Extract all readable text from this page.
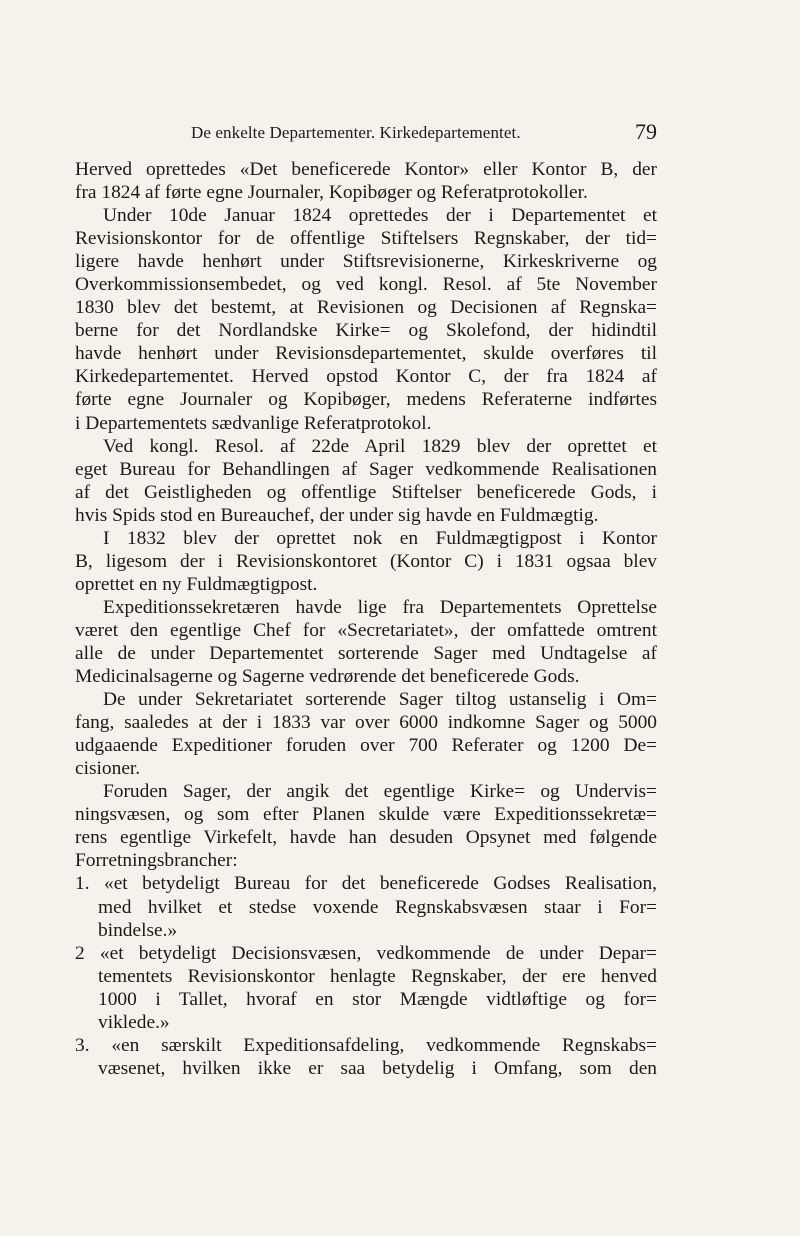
De enkelte Departementer. Kirkedepartementet.	79
Herved oprettedes «Det beneficerede Kontor» eller Kontor B, der
fra 1824 af førte egne Journaler, Kopibøger og Referatprotokoller.
Under 10de Januar 1824 oprettedes der i Departementet et
Revisionskontor for de offentlige Stiftelsers Regnskaber, der tid=
ligere havde henhørt under Stiftsrevisionerne, Kirkeskriverne og
Overkommissionsembedet, og ved kongl. Resol. af 5te November
1830 blev det bestemt, at Revisionen og Decisionen af Regnska=
berne for det Nordlandske Kirke= og Skolefond, der hidindtil
havde henhørt under Revisionsdepartementet, skulde overføres til
Kirkedepartementet. Herved opstod Kontor C, der fra 1824 af
førte egne Journaler og Kopibøger, medens Referaterne indførtes
i Departementets sædvanlige Referatprotokol.
Ved kongl. Resol. af 22de April 1829 blev der oprettet et
eget Bureau for Behandlingen af Sager vedkommende Realisationen
af det Geistligheden og offentlige Stiftelser beneficerede Gods, i
hvis Spids stod en Bureauchef, der under sig havde en Fuldmægtig.
I 1832 blev der oprettet nok en Fuldmægtigpost i Kontor
B, ligesom der i Revisionskontoret (Kontor C) i 1831 ogsaa blev
oprettet en ny Fuldmægtigpost.
Expeditionssekretæren havde lige fra Departementets Oprettelse
været den egentlige Chef for «Secretariatet», der omfattede omtrent
alle de under Departementet sorterende Sager med Undtagelse af
Medicinalsagerne og Sagerne vedrørende det beneficerede Gods.
De under Sekretariatet sorterende Sager tiltog ustanselig i Om=
fang, saaledes at der i 1833 var over 6000 indkomne Sager og 5000
udgaaende Expeditioner foruden over 700 Referater og 1200 De=
cisioner.
Foruden Sager, der angik det egentlige Kirke= og Undervis=
ningsvæsen, og som efter Planen skulde være Expeditionssekretæ=
rens egentlige Virkefelt, havde han desuden Opsynet med følgende
Forretningsbrancher:
1. «et betydeligt Bureau for det beneficerede Godses Realisation,
med hvilket et stedse voxende Regnskabsvæsen staar i For=
bindelse.»
2 «et betydeligt Decisionsvæsen, vedkommende de under Depar=
tementets Revisionskontor henlagte Regnskaber, der ere henved
1000 i Tallet, hvoraf en stor Mængde vidtløftige og for=
viklede.»
3. «en særskilt Expeditionsafdeling, vedkommende Regnskabs=
væsenet, hvilken ikke er saa betydelig i Omfang, som den
